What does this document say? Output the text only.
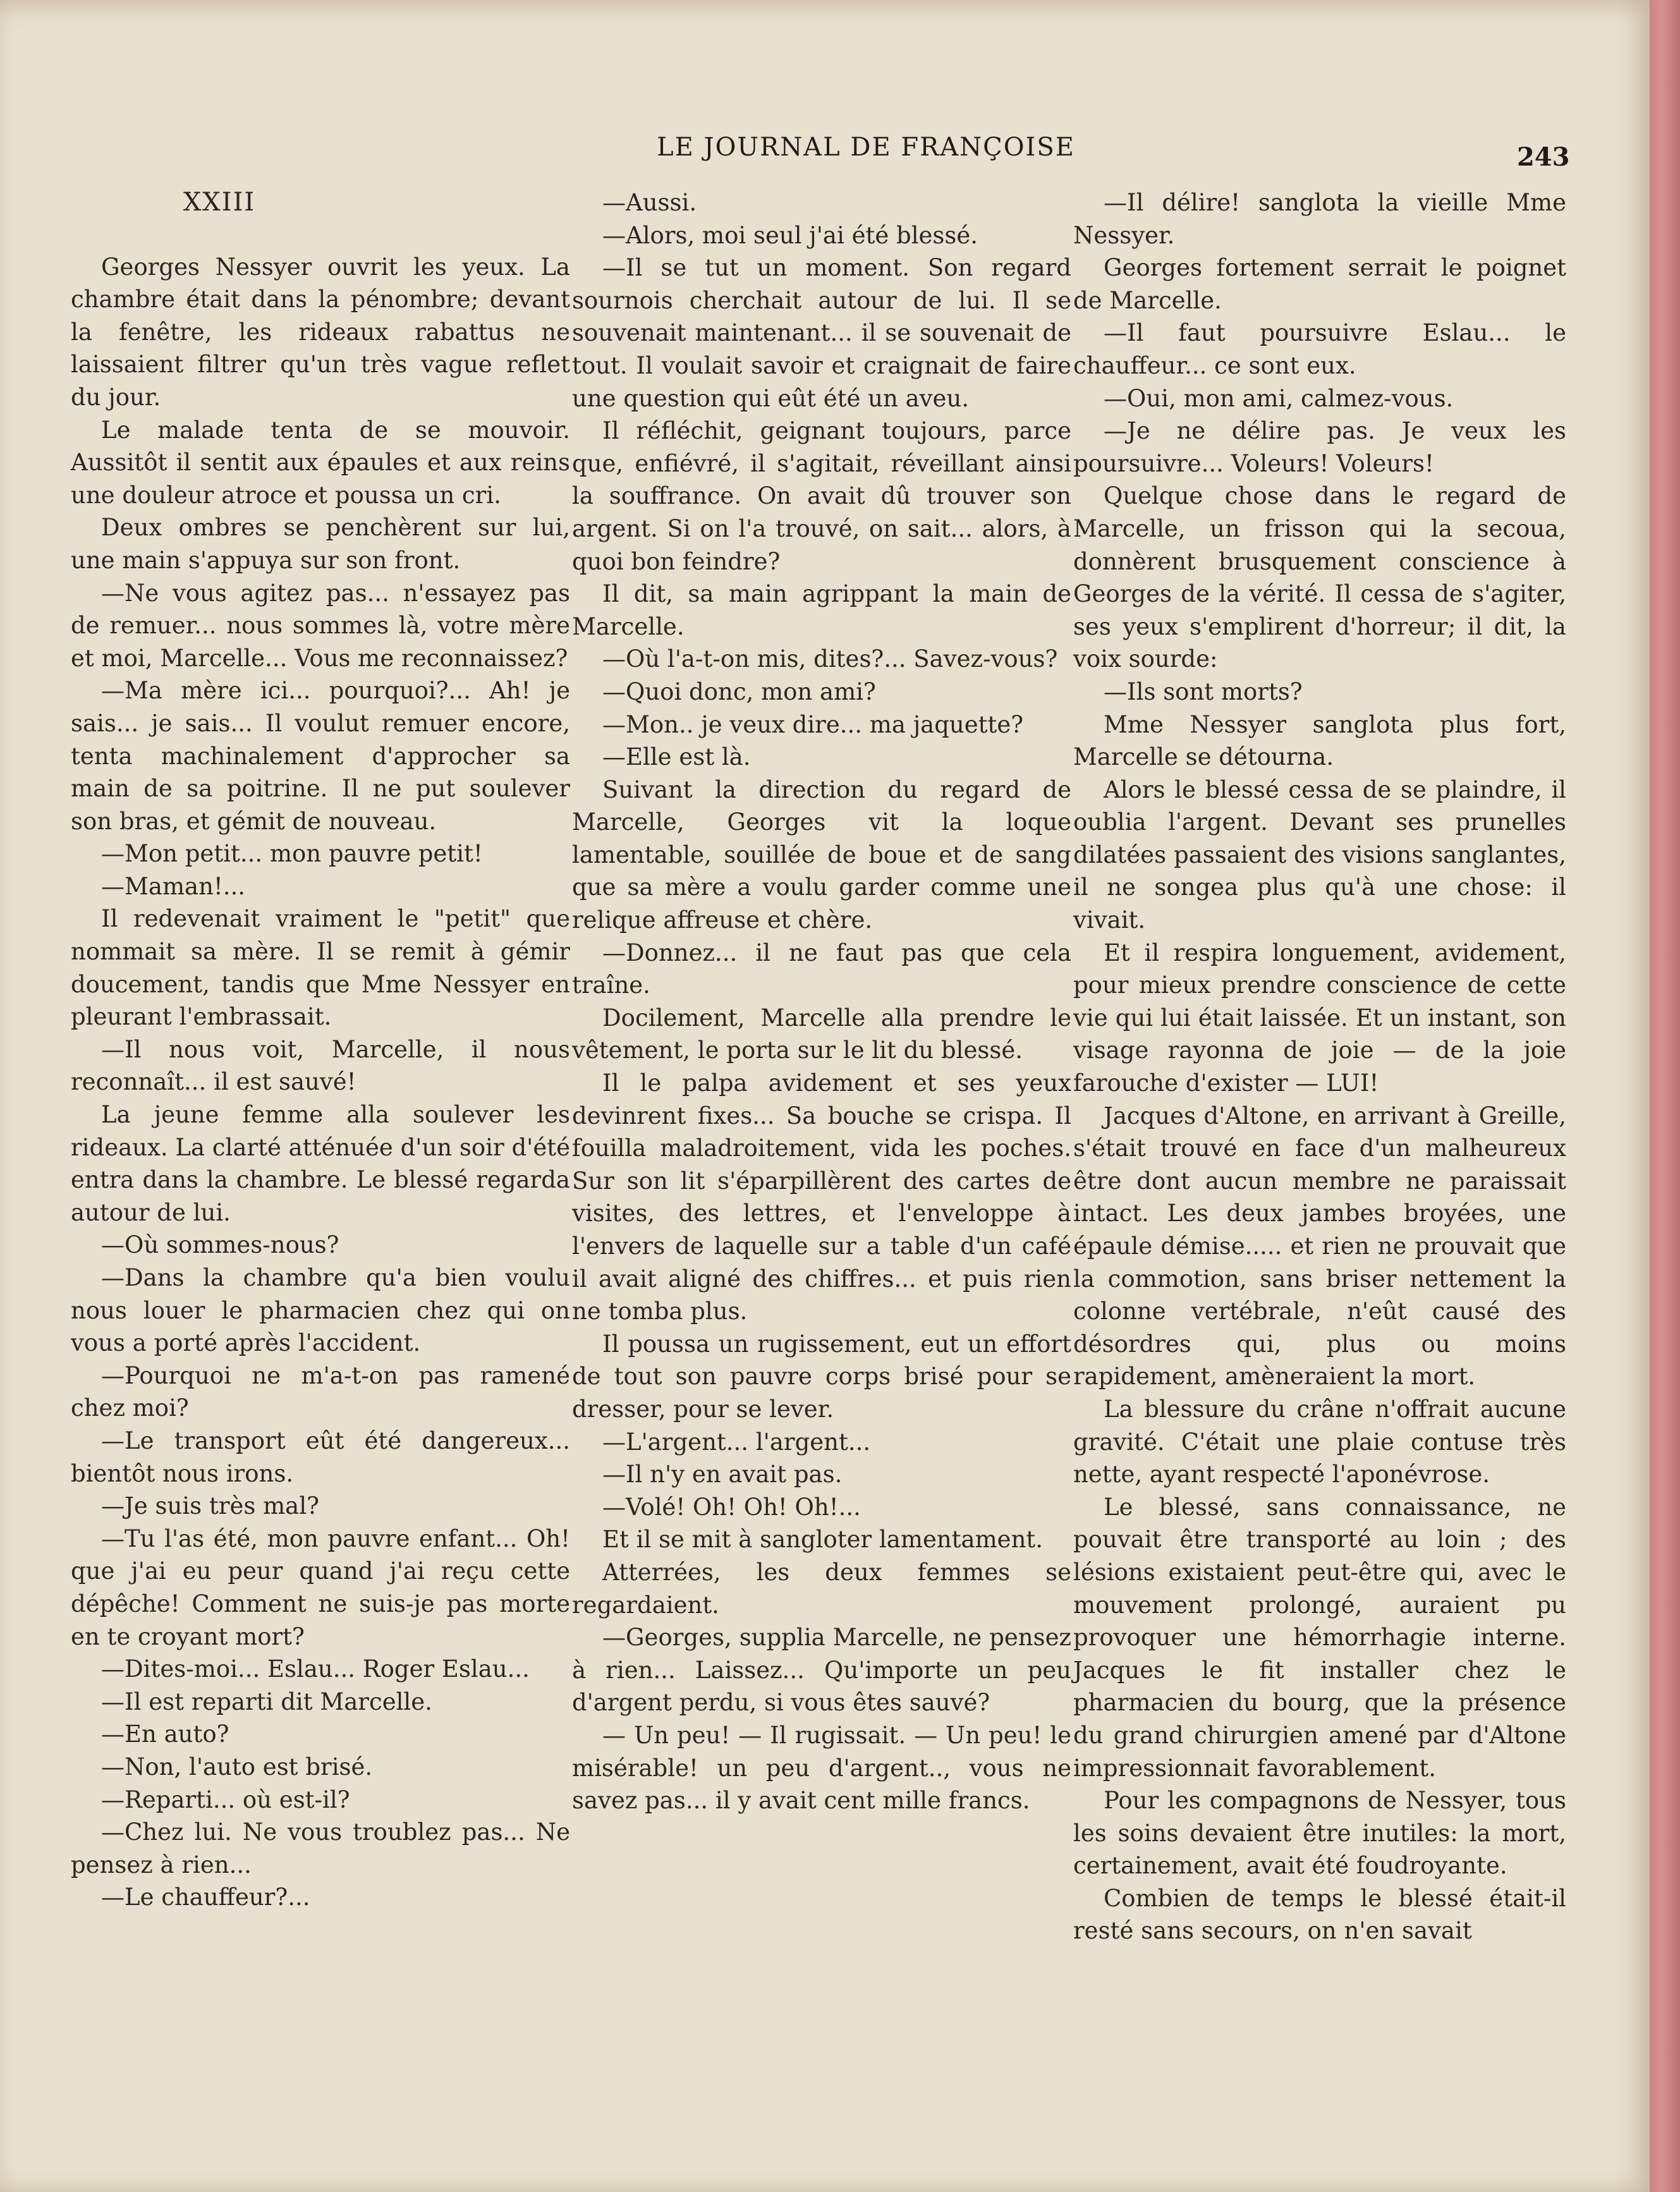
LE JOURNAL DE FRANÇOISE	243
XXIII

Georges Nessyer ouvrit les yeux. La chambre était dans la pénombre; devant la fenêtre, les rideaux rabattus ne laissaient filtrer qu'un très vague reflet du jour.

Le malade tenta de se mouvoir. Aussitôt il sentit aux épaules et aux reins une douleur atroce et poussa un cri.

Deux ombres se penchèrent sur lui, une main s'appuya sur son front.

—Ne vous agitez pas... n'essayez pas de remuer... nous sommes là, votre mère et moi, Marcelle... Vous me reconnaissez?

—Ma mère ici... pourquoi?... Ah! je sais... je sais... Il voulut remuer encore, tenta machinalement d'approcher sa main de sa poitrine. Il ne put soulever son bras, et gémit de nouveau.

—Mon petit... mon pauvre petit!

—Maman!...

Il redevenait vraiment le "petit" que nommait sa mère. Il se remit à gémir doucement, tandis que Mme Nessyer en pleurant l'embrassait.

—Il nous voit, Marcelle, il nous reconnaît... il est sauvé!

La jeune femme alla soulever les rideaux. La clarté atténuée d'un soir d'été entra dans la chambre. Le blessé regarda autour de lui.

—Où sommes-nous?

—Dans la chambre qu'a bien voulu nous louer le pharmacien chez qui on vous a porté après l'accident.

—Pourquoi ne m'a-t-on pas ramené chez moi?

—Le transport eût été dangereux... bientôt nous irons.

—Je suis très mal?

—Tu l'as été, mon pauvre enfant... Oh! que j'ai eu peur quand j'ai reçu cette dépêche! Comment ne suis-je pas morte en te croyant mort?

—Dites-moi... Eslau... Roger Eslau...

—Il est reparti dit Marcelle.

—En auto?

—Non, l'auto est brisé.

—Reparti... où est-il?

—Chez lui. Ne vous troublez pas... Ne pensez à rien...

—Le chauffeur?...

—Aussi.

—Alors, moi seul j'ai été blessé.

—Il se tut un moment. Son regard sournois cherchait autour de lui. Il se souvenait maintenant... il se souvenait de tout. Il voulait savoir et craignait de faire une question qui eût été un aveu.

Il réfléchit, geignant toujours, parce que, enfiévré, il s'agitait, réveillant ainsi la souffrance. On avait dû trouver son argent. Si on l'a trouvé, on sait... alors, à quoi bon feindre?

Il dit, sa main agrippant la main de Marcelle.

—Où l'a-t-on mis, dites?... Savez-vous?

—Quoi donc, mon ami?

—Mon.. je veux dire... ma jaquette?

—Elle est là.

Suivant la direction du regard de Marcelle, Georges vit la loque lamentable, souillée de boue et de sang que sa mère a voulu garder comme une relique affreuse et chère.

—Donnez... il ne faut pas que cela traîne.

Docilement, Marcelle alla prendre le vêtement, le porta sur le lit du blessé.

Il le palpa avidement et ses yeux devinrent fixes... Sa bouche se crispa. Il fouilla maladroitement, vida les poches. Sur son lit s'éparpillèrent des cartes de visites, des lettres, et l'enveloppe à l'envers de laquelle sur a table d'un café il avait aligné des chiffres... et puis rien ne tomba plus.

Il poussa un rugissement, eut un effort de tout son pauvre corps brisé pour se dresser, pour se lever.

—L'argent... l'argent...

—Il n'y en avait pas.

—Volé! Oh! Oh! Oh!...

Et il se mit à sangloter lamentament.

Atterrées, les deux femmes se regardaient.

—Georges, supplia Marcelle, ne pensez à rien... Laissez... Qu'importe un peu d'argent perdu, si vous êtes sauvé?

— Un peu! — Il rugissait. — Un peu! le misérable! un peu d'argent.., vous ne savez pas... il y avait cent mille francs.

—Il délire! sanglota la vieille Mme Nessyer.

Georges fortement serrait le poignet de Marcelle.

—Il faut poursuivre Eslau... le chauffeur... ce sont eux.

—Oui, mon ami, calmez-vous.

—Je ne délire pas. Je veux les poursuivre... Voleurs! Voleurs!

Quelque chose dans le regard de Marcelle, un frisson qui la secoua, donnèrent brusquement conscience à Georges de la vérité. Il cessa de s'agiter, ses yeux s'emplirent d'horreur; il dit, la voix sourde:

—Ils sont morts?

Mme Nessyer sanglota plus fort, Marcelle se détourna.

Alors le blessé cessa de se plaindre, il oublia l'argent. Devant ses prunelles dilatées passaient des visions sanglantes, il ne songea plus qu'à une chose: il vivait.

Et il respira longuement, avidement, pour mieux prendre conscience de cette vie qui lui était laissée. Et un instant, son visage rayonna de joie — de la joie farouche d'exister — LUI!

Jacques d'Altone, en arrivant à Greille, s'était trouvé en face d'un malheureux être dont aucun membre ne paraissait intact. Les deux jambes broyées, une épaule démise..... et rien ne prouvait que la commotion, sans briser nettement la colonne vertébrale, n'eût causé des désordres qui, plus ou moins rapidement, amèneraient la mort.

La blessure du crâne n'offrait aucune gravité. C'était une plaie contuse très nette, ayant respecté l'aponévrose.

Le blessé, sans connaissance, ne pouvait être transporté au loin ; des lésions existaient peut-être qui, avec le mouvement prolongé, auraient pu provoquer une hémorrhagie interne. Jacques le fit installer chez le pharmacien du bourg, que la présence du grand chirurgien amené par d'Altone impressionnait favorablement.

Pour les compagnons de Nessyer, tous les soins devaient être inutiles: la mort, certainement, avait été foudroyante.

Combien de temps le blessé était-il resté sans secours, on n'en savait
